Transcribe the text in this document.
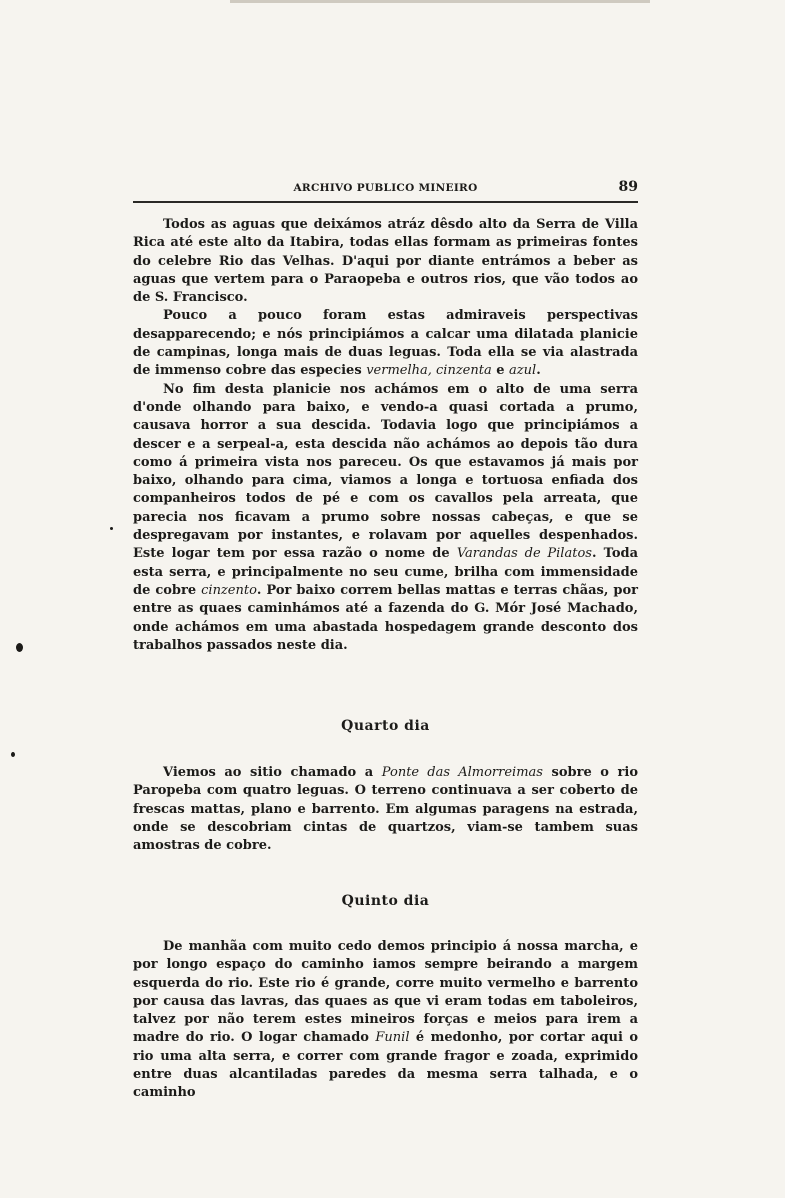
ARCHIVO PUBLICO MINEIRO	89

Todos as aguas que deixámos atráz dêsdo alto da Serra de Villa Rica até este alto da Itabira, todas ellas formam as primeiras fontes do celebre Rio das Velhas. D'aqui por diante entrámos a beber as aguas que vertem para o Paraopeba e outros rios, que vão todos ao de S. Francisco.

Pouco a pouco foram estas admiraveis perspectivas desapparecendo; e nós principiámos a calcar uma dilatada planicie de campinas, longa mais de duas leguas. Toda ella se via alastrada de immenso cobre das especies vermelha, cinzenta e azul.

No fim desta planicie nos achámos em o alto de uma serra d'onde olhando para baixo, e vendo-a quasi cortada a prumo, causava horror a sua descida. Todavia logo que principiámos a descer e a serpeal-a, esta descida não achámos ao depois tão dura como á primeira vista nos pareceu. Os que estavamos já mais por baixo, olhando para cima, viamos a longa e tortuosa enfiada dos companheiros todos de pé e com os cavallos pela arreata, que parecia nos ficavam a prumo sobre nossas cabeças, e que se despregavam por instantes, e rolavam por aquelles despenhados. Este logar tem por essa razão o nome de Varandas de Pilatos. Toda esta serra, e principalmente no seu cume, brilha com immensidade de cobre cinzento. Por baixo correm bellas mattas e terras chãas, por entre as quaes caminhámos até a fazenda do G. Mór José Machado, onde achámos em uma abastada hospedagem grande desconto dos trabalhos passados neste dia.

Quarto dia

Viemos ao sitio chamado a Ponte das Almorreimas sobre o rio Paropeba com quatro leguas. O terreno continuava a ser coberto de frescas mattas, plano e barrento. Em algumas paragens na estrada, onde se descobriam cintas de quartzos, viam-se tambem suas amostras de cobre.

Quinto dia

De manhãa com muito cedo demos principio á nossa marcha, e por longo espaço do caminho iamos sempre beirando a margem esquerda do rio. Este rio é grande, corre muito vermelho e barrento por causa das lavras, das quaes as que vi eram todas em taboleiros, talvez por não terem estes mineiros forças e meios para irem a madre do rio. O logar chamado Funil é medonho, por cortar aqui o rio uma alta serra, e correr com grande fragor e zoada, exprimido entre duas alcantiladas paredes da mesma serra talhada, e o caminho
